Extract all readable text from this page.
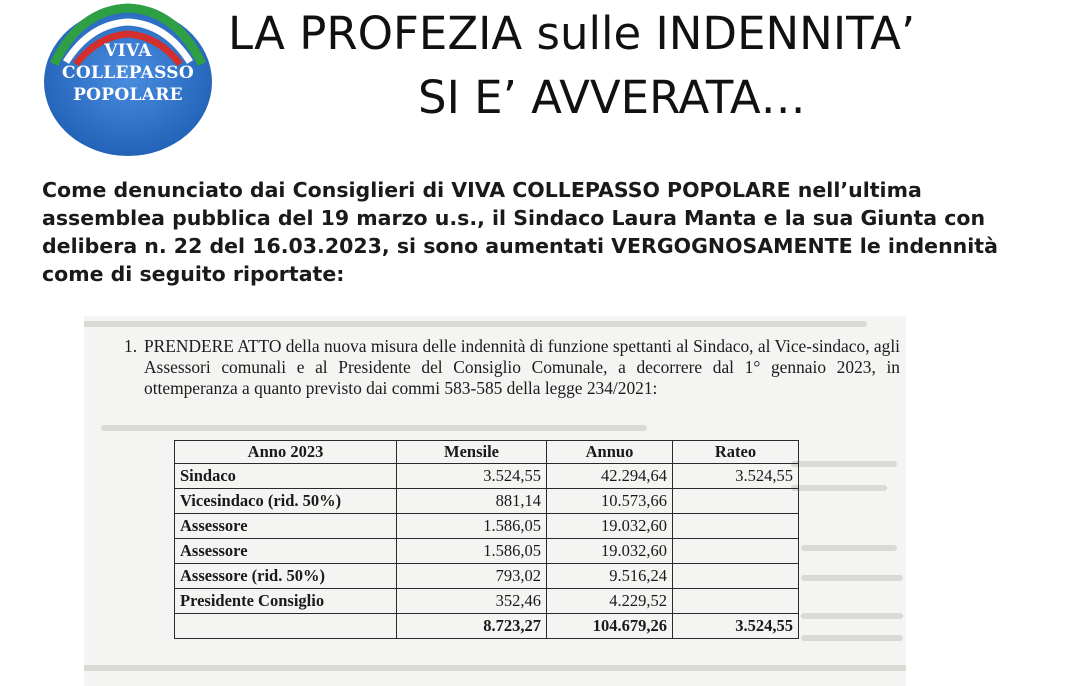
VIVA
COLLEPASSO
POPOLARE
LA PROFEZIA sulle INDENNITA’
SI E’ AVVERATA…
Come denunciato dai Consiglieri di VIVA COLLEPASSO POPOLARE nell’ultima assemblea pubblica del 19 marzo u.s., il Sindaco Laura Manta e la sua Giunta con delibera n. 22 del 16.03.2023, si sono aumentati VERGOGNOSAMENTE le indennità come di seguito riportate:
1. PRENDERE ATTO della nuova misura delle indennità di funzione spettanti al Sindaco, al Vice-sindaco, agli Assessori comunali e al Presidente del Consiglio Comunale, a decorrere dal 1° gennaio 2023, in ottemperanza a quanto previsto dai commi 583-585 della legge 234/2021:
Anno 2023	Mensile	Annuo	Rateo
Sindaco	3.524,55	42.294,64	3.524,55
Vicesindaco (rid. 50%)	881,14	10.573,66	
Assessore	1.586,05	19.032,60	
Assessore	1.586,05	19.032,60	
Assessore (rid. 50%)	793,02	9.516,24	
Presidente Consiglio	352,46	4.229,52	
	8.723,27	104.679,26	3.524,55
